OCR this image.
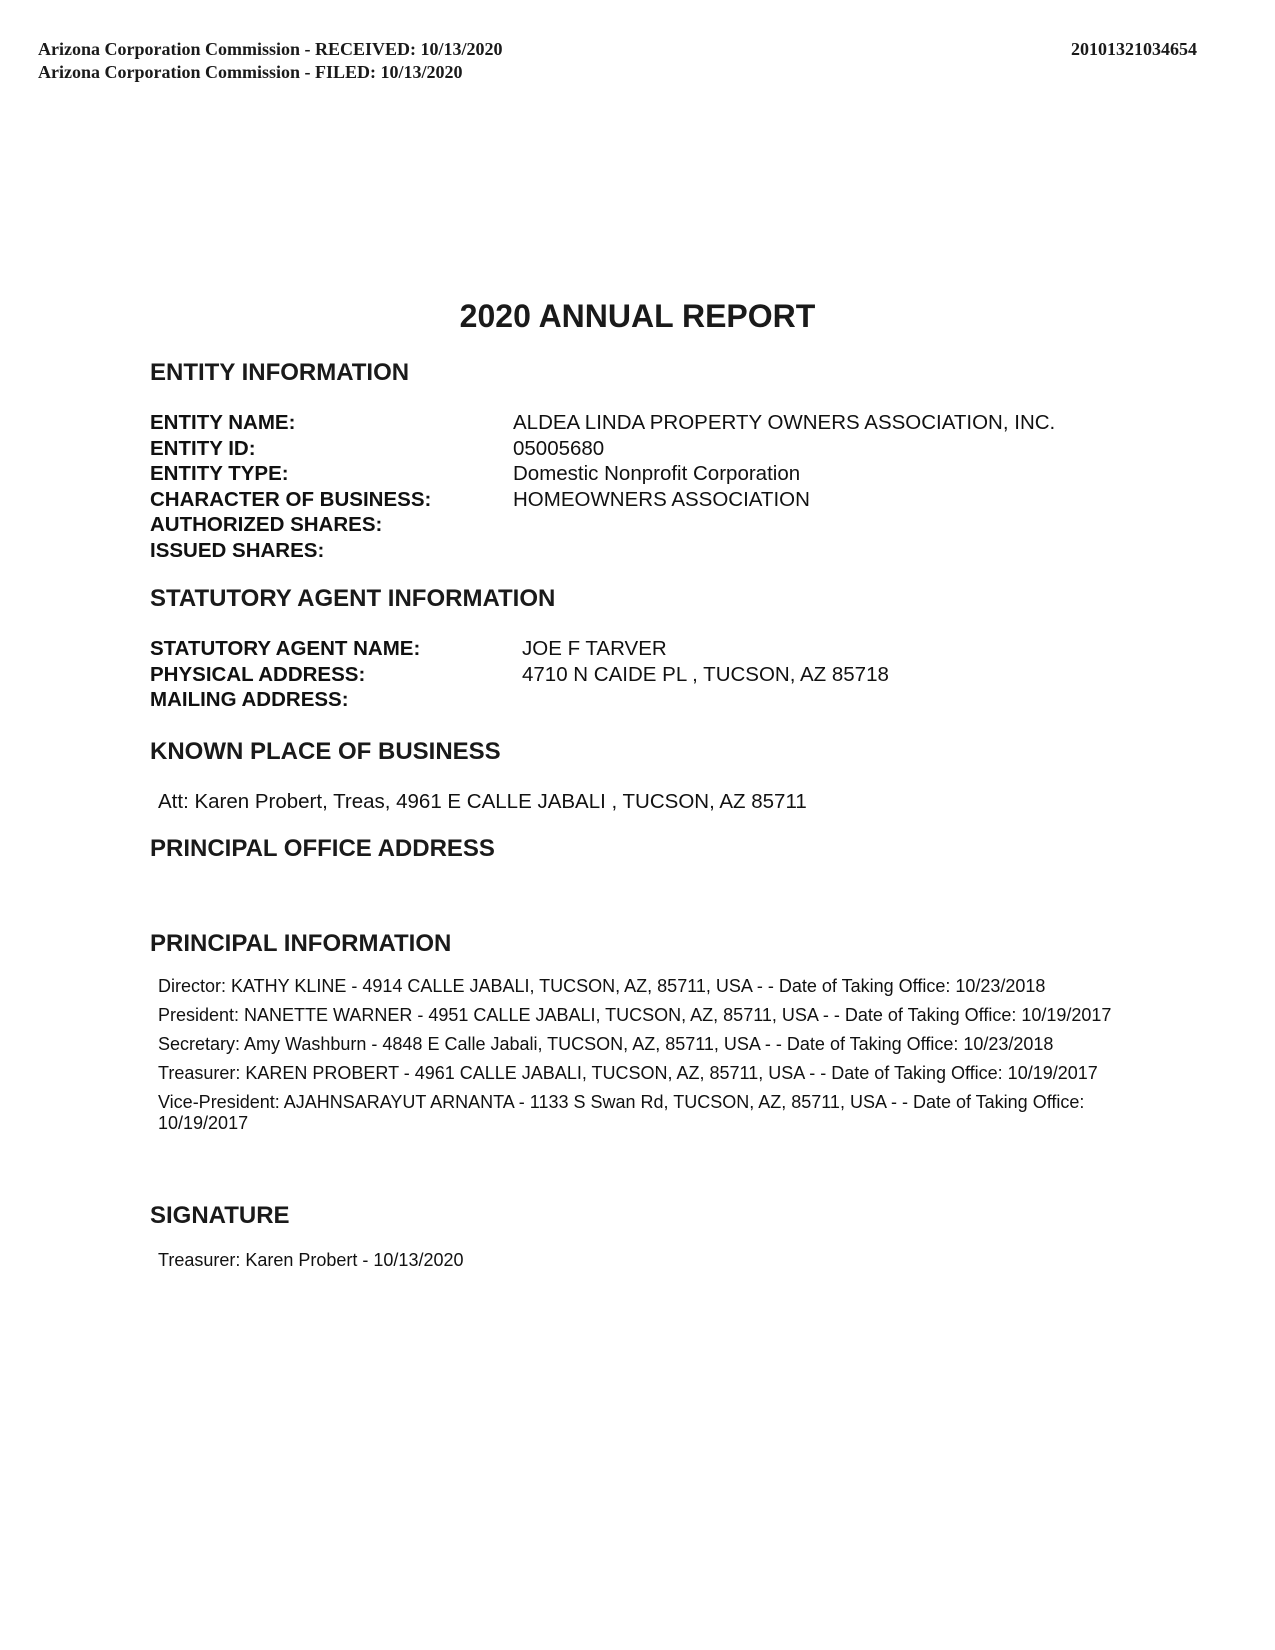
Arizona Corporation Commission - RECEIVED: 10/13/2020
Arizona Corporation Commission - FILED: 10/13/2020
20101321034654
2020 ANNUAL REPORT
ENTITY INFORMATION
ENTITY NAME:
ENTITY ID:
ENTITY TYPE:
CHARACTER OF BUSINESS:
AUTHORIZED SHARES:
ISSUED SHARES:
ALDEA LINDA PROPERTY OWNERS ASSOCIATION, INC.
05005680
Domestic Nonprofit Corporation
HOMEOWNERS ASSOCIATION
STATUTORY AGENT INFORMATION
STATUTORY AGENT NAME:
PHYSICAL ADDRESS:
MAILING ADDRESS:
JOE F TARVER
4710 N CAIDE PL , TUCSON, AZ 85718
KNOWN PLACE OF BUSINESS
Att: Karen Probert, Treas, 4961 E CALLE JABALI , TUCSON, AZ 85711
PRINCIPAL OFFICE ADDRESS
PRINCIPAL INFORMATION
Director: KATHY KLINE - 4914 CALLE JABALI, TUCSON, AZ, 85711, USA - - Date of Taking Office: 10/23/2018
President: NANETTE WARNER - 4951 CALLE JABALI, TUCSON, AZ, 85711, USA - - Date of Taking Office: 10/19/2017
Secretary: Amy Washburn - 4848 E Calle Jabali, TUCSON, AZ, 85711, USA - - Date of Taking Office: 10/23/2018
Treasurer: KAREN PROBERT - 4961 CALLE JABALI, TUCSON, AZ, 85711, USA - - Date of Taking Office: 10/19/2017
Vice-President: AJAHNSARAYUT ARNANTA - 1133 S Swan Rd, TUCSON, AZ, 85711, USA - - Date of Taking Office: 10/19/2017
SIGNATURE
Treasurer: Karen Probert - 10/13/2020
